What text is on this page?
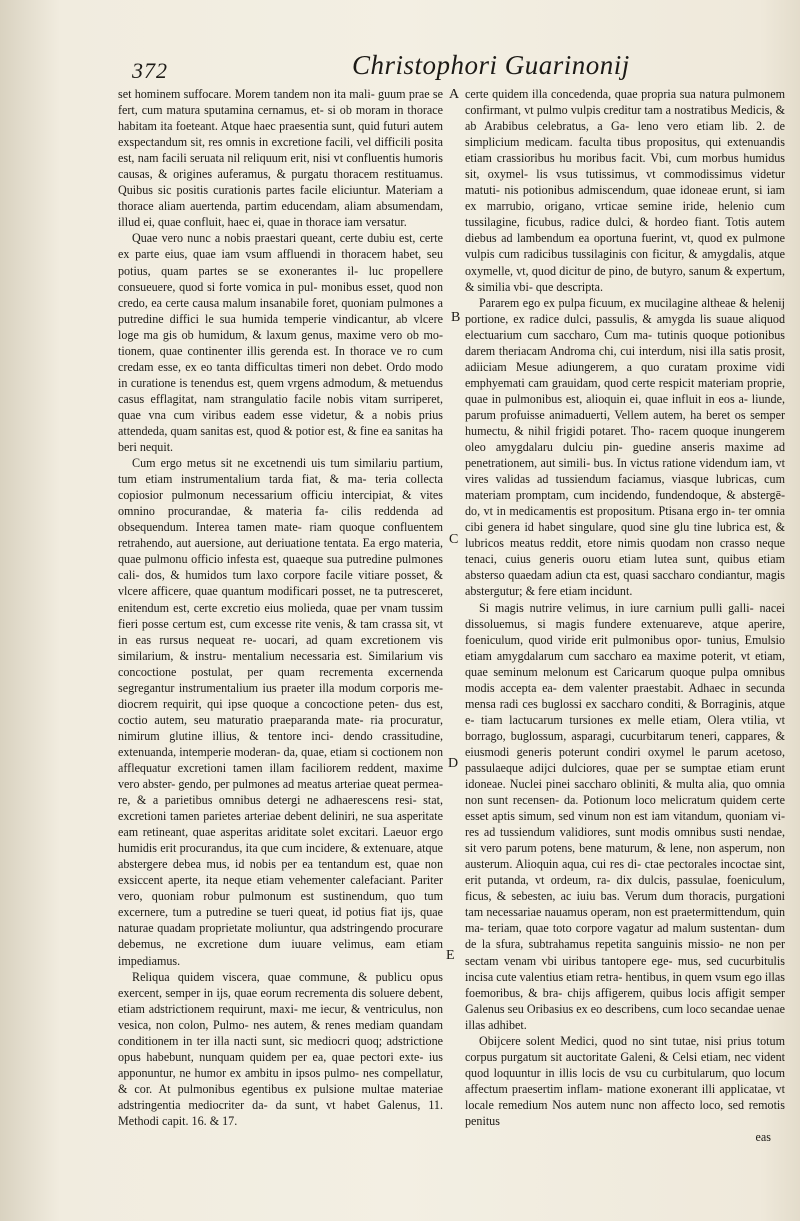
372	Christophori Guarinonij

set hominem suffocare. Morem tandem non ita mali- guum prae se fert, cum matura sputamina cernamus, et- si ob moram in thorace habitam ita foeteant. Atque haec praesentia sunt, quid futuri autem exspectandum sit, res omnis in excretione facili, vel difficili posita est, nam facili seruata nil reliquum erit, nisi vt confluentis humoris causas, & origines auferamus, & purgatu thoracem restituamus. Quibus sic positis curationis partes facile eliciuntur. Materiam a thorace aliam auertenda, partim educendam, aliam absumendam, illud ei, quae confluit, haec ei, quae in thorace iam versatur.

Quae vero nunc a nobis praestari queant, certe dubiu est, certe ex parte eius, quae iam vsum affluendi in thoracem habet, seu potius, quam partes se se exonerantes il- luc propellere consueuere, quod si forte vomica in pul- monibus esset, quod non credo, ea certe causa malum insanabile foret, quoniam pulmones a putredine diffici le sua humida temperie vindicantur, ab vlcere loge ma gis ob humidum, & laxum genus, maxime vero ob mo- tionem, quae continenter illis gerenda est. In thorace ve ro cum credam esse, ex eo tanta difficultas timeri non debet. Ordo modo in curatione is tenendus est, quem vrgens admodum, & metuendus casus efflagitat, nam strangulatio facile nobis vitam surriperet, quae vna cum viribus eadem esse videtur, & a nobis prius attendeda, quam sanitas est, quod & potior est, & fine ea sanitas ha beri nequit.

Cum ergo metus sit ne excetnendi uis tum similariu partium, tum etiam instrumentalium tarda fiat, & ma- teria collecta copiosior pulmonum necessarium officiu intercipiat, & vites omnino procurandae, & materia fa- cilis reddenda ad obsequendum. Interea tamen mate- riam quoque confluentem retrahendo, aut auersione, aut deriuatione tentata. Ea ergo materia, quae pulmonu officio infesta est, quaeque sua putredine pulmones cali- dos, & humidos tum laxo corpore facile vitiare posset, & vlcere afficere, quae quantum modificari posset, ne ta putresceret, enitendum est, certe excretio eius molieda, quae per vnam tussim fieri posse certum est, cum excesse rite venis, & tam crassa sit, vt in eas rursus nequeat re- uocari, ad quam excretionem vis similarium, & instru- mentalium necessaria est. Similarium vis concoctione postulat, per quam recrementa excernenda segregantur instrumentalium ius praeter illa modum corporis me- diocrem requirit, qui ipse quoque a concoctione peten- dus est, coctio autem, seu maturatio praeparanda mate- ria procuratur, nimirum glutine illius, & tentore inci- dendo crassitudine, extenuanda, intemperie moderan- da, quae, etiam si coctionem non afflequatur excretioni tamen illam faciliorem reddent, maxime vero abster- gendo, per pulmones ad meatus arteriae queat permea- re, & a parietibus omnibus detergi ne adhaerescens resi- stat, excretioni tamen parietes arteriae debent deliniri, ne sua asperitate eam retineant, quae asperitas ariditate solet excitari. Laeuor ergo humidis erit procurandus, ita que cum incidere, & extenuare, atque abstergere debea mus, id nobis per ea tentandum est, quae non exsiccent aperte, ita neque etiam vehementer calefaciant. Pariter vero, quoniam robur pulmonum est sustinendum, quo tum excernere, tum a putredine se tueri queat, id potius fiat ijs, quae naturae quadam proprietate moliuntur, qua adstringendo procurare debemus, ne excretione dum iuuare velimus, eam etiam impediamus.

Reliqua quidem viscera, quae commune, & publicu opus exercent, semper in ijs, quae eorum recrementa dis soluere debent, etiam adstrictionem requirunt, maxi- me iecur, & ventriculus, non vesica, non colon, Pulmo- nes autem, & renes mediam quandam conditionem in ter illa nacti sunt, sic mediocri quoq; adstrictione opus habebunt, nunquam quidem per ea, quae pectori exte- ius apponuntur, ne humor ex ambitu in ipsos pulmo- nes compellatur, & cor. At pulmonibus egentibus ex pulsione multae materiae adstringentia mediocriter da- da sunt, vt habet Galenus, 11. Methodi capit. 16. & 17.

A
B
C
D
E

certe quidem illa concedenda, quae propria sua natura pulmonem confirmant, vt pulmo vulpis creditur tam a nostratibus Medicis, & ab Arabibus celebratus, a Ga- leno vero etiam lib. 2. de simplicium medicam. faculta tibus propositus, qui extenuandis etiam crassioribus hu moribus facit. Vbi, cum morbus humidus sit, oxymel- lis vsus tutissimus, vt commodissimus videtur matuti- nis potionibus admiscendum, quae idoneae erunt, si iam ex marrubio, origano, vrticae semine iride, helenio cum tussilagine, ficubus, radice dulci, & hordeo fiant. Totis autem diebus ad lambendum ea oportuna fuerint, vt, quod ex pulmone vulpis cum radicibus tussilaginis con ficitur, & amygdalis, atque oxymelle, vt, quod dicitur de pino, de butyro, sanum & expertum, & similia vbi- que descripta.

Pararem ego ex pulpa ficuum, ex mucilagine altheae & helenij portione, ex radice dulci, passulis, & amygda lis suaue aliquod electuarium cum saccharo, Cum ma- tutinis quoque potionibus darem theriacam Androma chi, cui interdum, nisi illa satis prosit, adiiciam Mesue adiungerem, a quo curatam proxime vidi emphyemati cam grauidam, quod certe respicit materiam proprie, quae in pulmonibus est, alioquin ei, quae influit in eos a- liunde, parum profuisse animaduerti, Vellem autem, ha beret os semper humectu, & nihil frigidi potaret. Tho- racem quoque inungerem oleo amygdalaru dulciu pin- guedine anseris maxime ad penetrationem, aut simili- bus. In victus ratione videndum iam, vt vires validas ad tussiendum faciamus, viasque lubricas, cum materiam promptam, cum incidendo, fundendoque, & abstergē- do, vt in medicamentis est propositum. Ptisana ergo in- ter omnia cibi genera id habet singulare, quod sine glu tine lubrica est, & lubricos meatus reddit, etore nimis quodam non crasso neque tenaci, cuius generis ouoru etiam lutea sunt, quibus etiam absterso quaedam adiun cta est, quasi saccharo condiantur, magis abstergutur; & fere etiam incidunt.

Si magis nutrire velimus, in iure carnium pulli galli- nacei dissoluemus, si magis fundere extenuareve, atque aperire, foeniculum, quod viride erit pulmonibus opor- tunius, Emulsio etiam amygdalarum cum saccharo ea maxime poterit, vt etiam, quae seminum melonum est Caricarum quoque pulpa omnibus modis accepta ea- dem valenter praestabit. Adhaec in secunda mensa radi ces buglossi ex saccharo conditi, & Borraginis, atque e- tiam lactucarum tursiones ex melle etiam, Olera vtilia, vt borrago, buglossum, asparagi, cucurbitarum teneri, cappares, & eiusmodi generis poterunt condiri oxymel le parum acetoso, passulaeque adijci dulciores, quae per se sumptae etiam erunt idoneae. Nuclei pinei saccharo obliniti, & multa alia, quo omnia non sunt recensen- da. Potionum loco melicratum quidem certe esset aptis simum, sed vinum non est iam vitandum, quoniam vi- res ad tussiendum validiores, sunt modis omnibus susti nendae, sit vero parum potens, bene maturum, & lene, non asperum, non austerum. Alioquin aqua, cui res di- ctae pectorales incoctae sint, erit putanda, vt ordeum, ra- dix dulcis, passulae, foeniculum, ficus, & sebesten, ac iuiu bas. Verum dum thoracis, purgationi tam necessariae nauamus operam, non est praetermittendum, quin ma- teriam, quae toto corpore vagatur ad malum sustentan- dum de la sfura, subtrahamus repetita sanguinis missio- ne non per sectam venam vbi uiribus tantopere ege- mus, sed cucurbitulis incisa cute valentius etiam retra- hentibus, in quem vsum ego illas foemoribus, & bra- chijs affigerem, quibus locis affigit semper Galenus seu Oribasius ex eo describens, cum loco secandae uenae illas adhibet.

Obijcere solent Medici, quod no sint tutae, nisi prius totum corpus purgatum sit auctoritate Galeni, & Celsi etiam, nec vident quod loquuntur in illis locis de vsu cu curbitularum, quo locum affectum praesertim inflam- matione exonerant illi applicatae, vt locale remedium Nos autem nunc non affecto loco, sed remotis penitus

eas
